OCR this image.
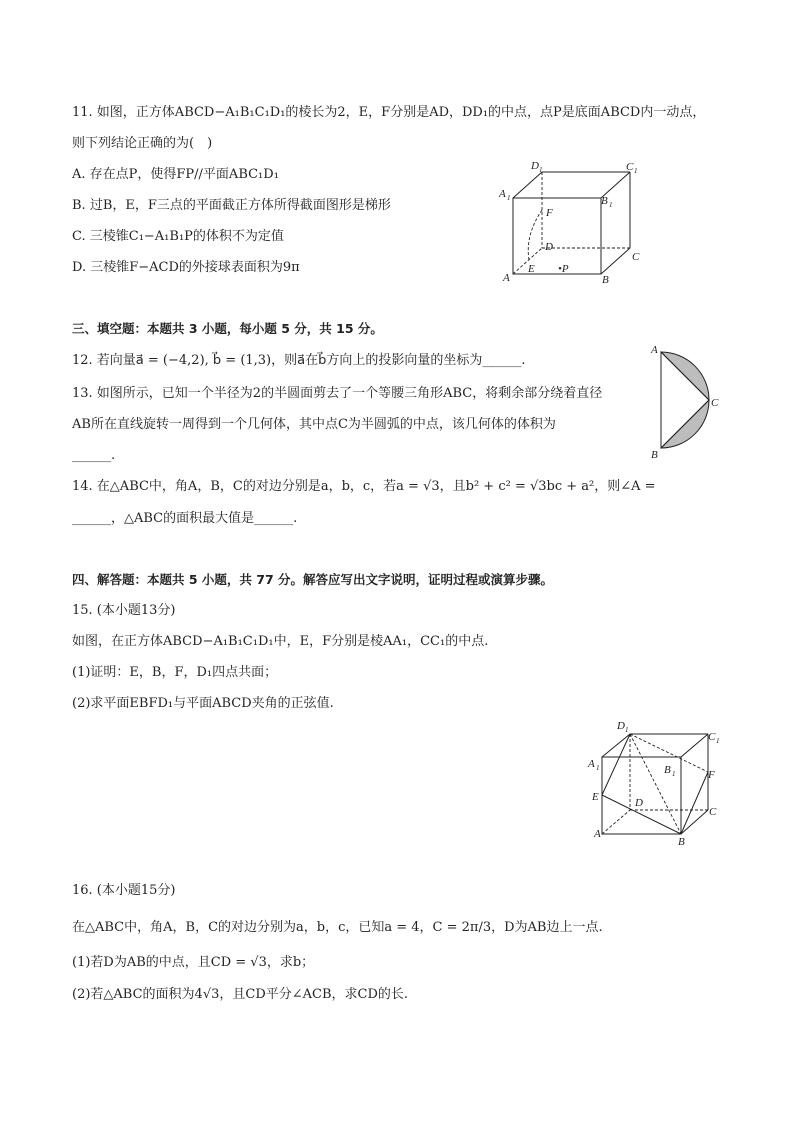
11. 如图，正方体ABCD−A₁B₁C₁D₁的棱长为2，E，F分别是AD，DD₁的中点，点P是底面ABCD内一动点，
则下列结论正确的为(　)
A. 存在点P，使得FP//平面ABC₁D₁
B. 过B，E，F三点的平面截正方体所得截面图形是梯形
C. 三棱锥C₁−A₁B₁P的体积不为定值
D. 三棱锥F−ACD的外接球表面积为9π
D 1	C 1
A 1	B 1
F
D
C
A
E •P
B
三、填空题：本题共 3 小题，每小题 5 分，共 15 分。
12. 若向量a⃗ = (−4,2), b⃗ = (1,3)，则a⃗在b⃗方向上的投影向量的坐标为______.
13. 如图所示，已知一个半径为2的半圆面剪去了一个等腰三角形ABC，将剩余部分绕着直径
AB所在直线旋转一周得到一个几何体，其中点C为半圆弧的中点，该几何体的体积为
______.
A
C
B
14. 在△ABC中，角A，B，C的对边分别是a，b，c，若a = √3，且b² + c² = √3bc + a²，则∠A =
______，△ABC的面积最大值是______.
四、解答题：本题共 5 小题，共 77 分。解答应写出文字说明，证明过程或演算步骤。
15. (本小题13分)
如图，在正方体ABCD−A₁B₁C₁D₁中，E，F分别是棱AA₁，CC₁的中点.
(1)证明：E，B，F，D₁四点共面；
(2)求平面EBFD₁与平面ABCD夹角的正弦值.
D 1
C 1
A 1	B 1	F
E	D
C
A
B
16. (本小题15分)
在△ABC中，角A，B，C的对边分别为a，b，c，已知a = 4，C = 2π/3，D为AB边上一点.
(1)若D为AB的中点，且CD = √3，求b；
(2)若△ABC的面积为4√3，且CD平分∠ACB，求CD的长.
